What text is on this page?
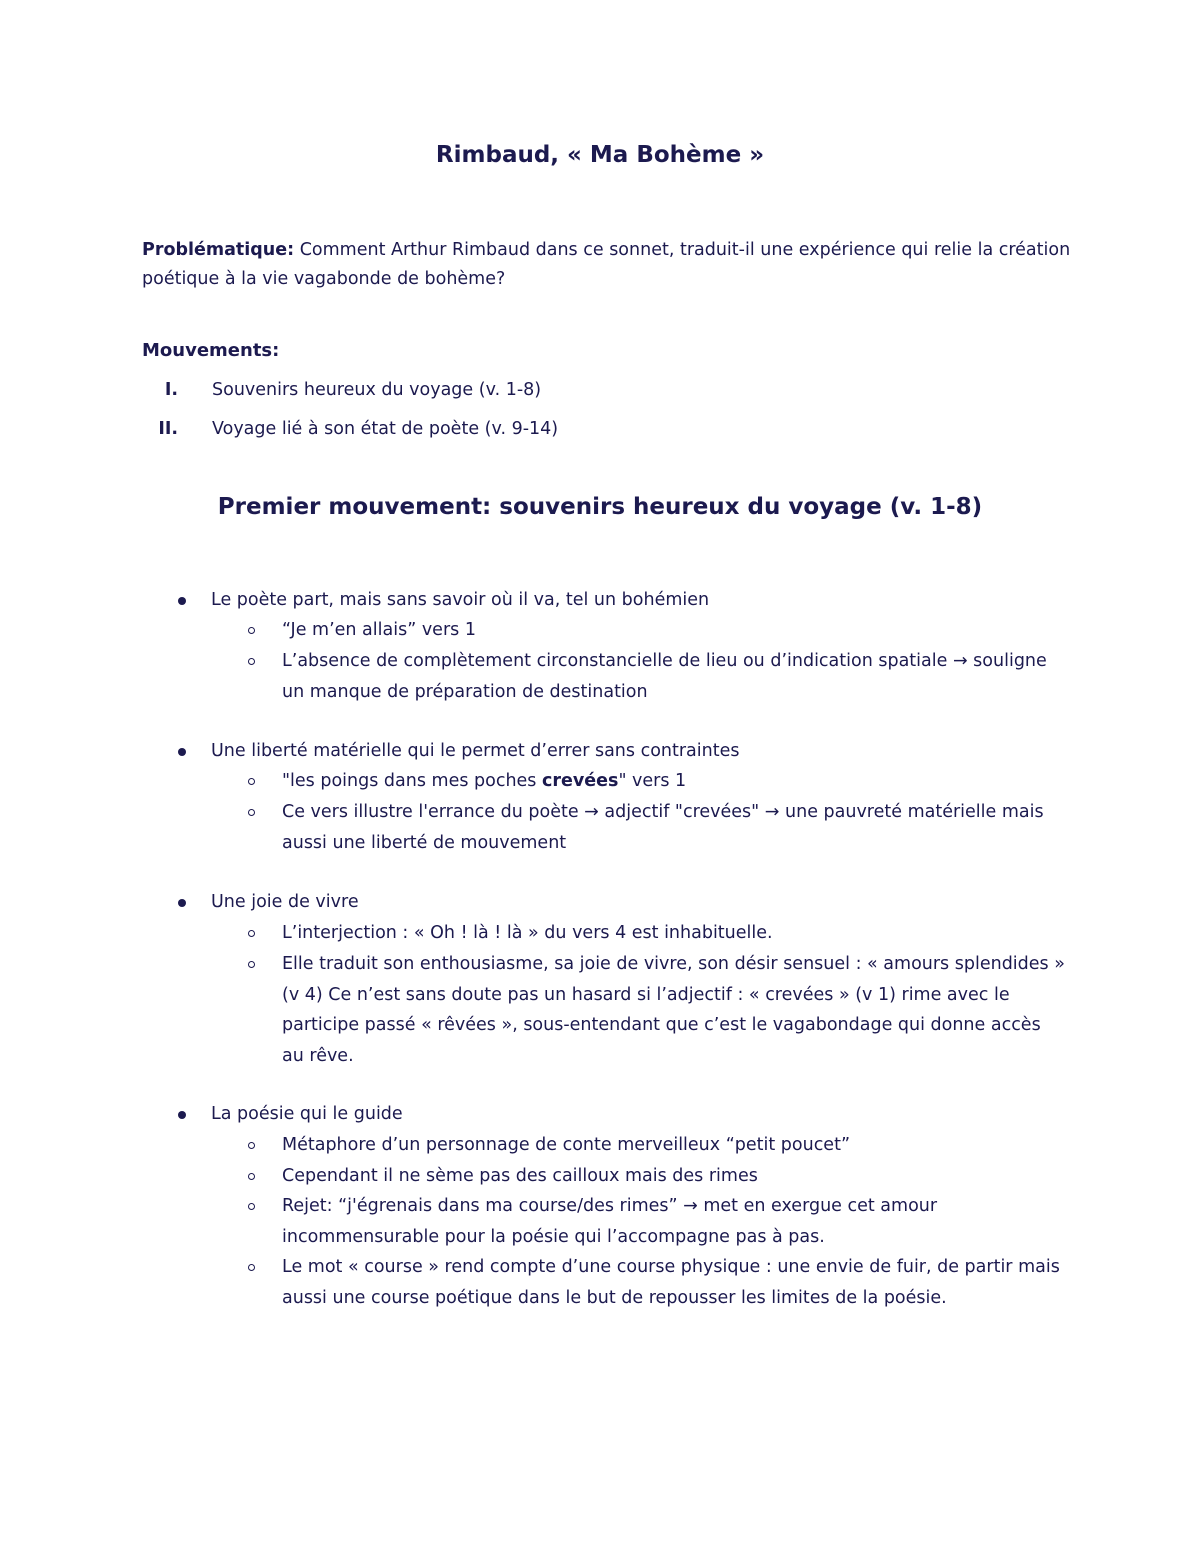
Rimbaud, « Ma Bohème »

Problématique: Comment Arthur Rimbaud dans ce sonnet, traduit-il une expérience qui relie la création poétique à la vie vagabonde de bohème?

Mouvements:
I. Souvenirs heureux du voyage (v. 1-8)
II. Voyage lié à son état de poète (v. 9-14)
Premier mouvement: souvenirs heureux du voyage (v. 1-8)
Le poète part, mais sans savoir où il va, tel un bohémien
“Je m’en allais” vers 1
L’absence de complètement circonstancielle de lieu ou d’indication spatiale → souligne un manque de préparation de destination
Une liberté matérielle qui le permet d’errer sans contraintes
"les poings dans mes poches crevées" vers 1
Ce vers illustre l'errance du poète → adjectif "crevées" → une pauvreté matérielle mais aussi une liberté de mouvement
Une joie de vivre
L’interjection : « Oh ! là ! là » du vers 4 est inhabituelle.
Elle traduit son enthousiasme, sa joie de vivre, son désir sensuel : « amours splendides » (v 4) Ce n’est sans doute pas un hasard si l’adjectif : « crevées » (v 1) rime avec le participe passé « rêvées », sous-entendant que c’est le vagabondage qui donne accès au rêve.
La poésie qui le guide
Métaphore d’un personnage de conte merveilleux “petit poucet”
Cependant il ne sème pas des cailloux mais des rimes
Rejet: “j'égrenais dans ma course/des rimes” → met en exergue cet amour incommensurable pour la poésie qui l’accompagne pas à pas.
Le mot « course » rend compte d’une course physique : une envie de fuir, de partir mais aussi une course poétique dans le but de repousser les limites de la poésie.
